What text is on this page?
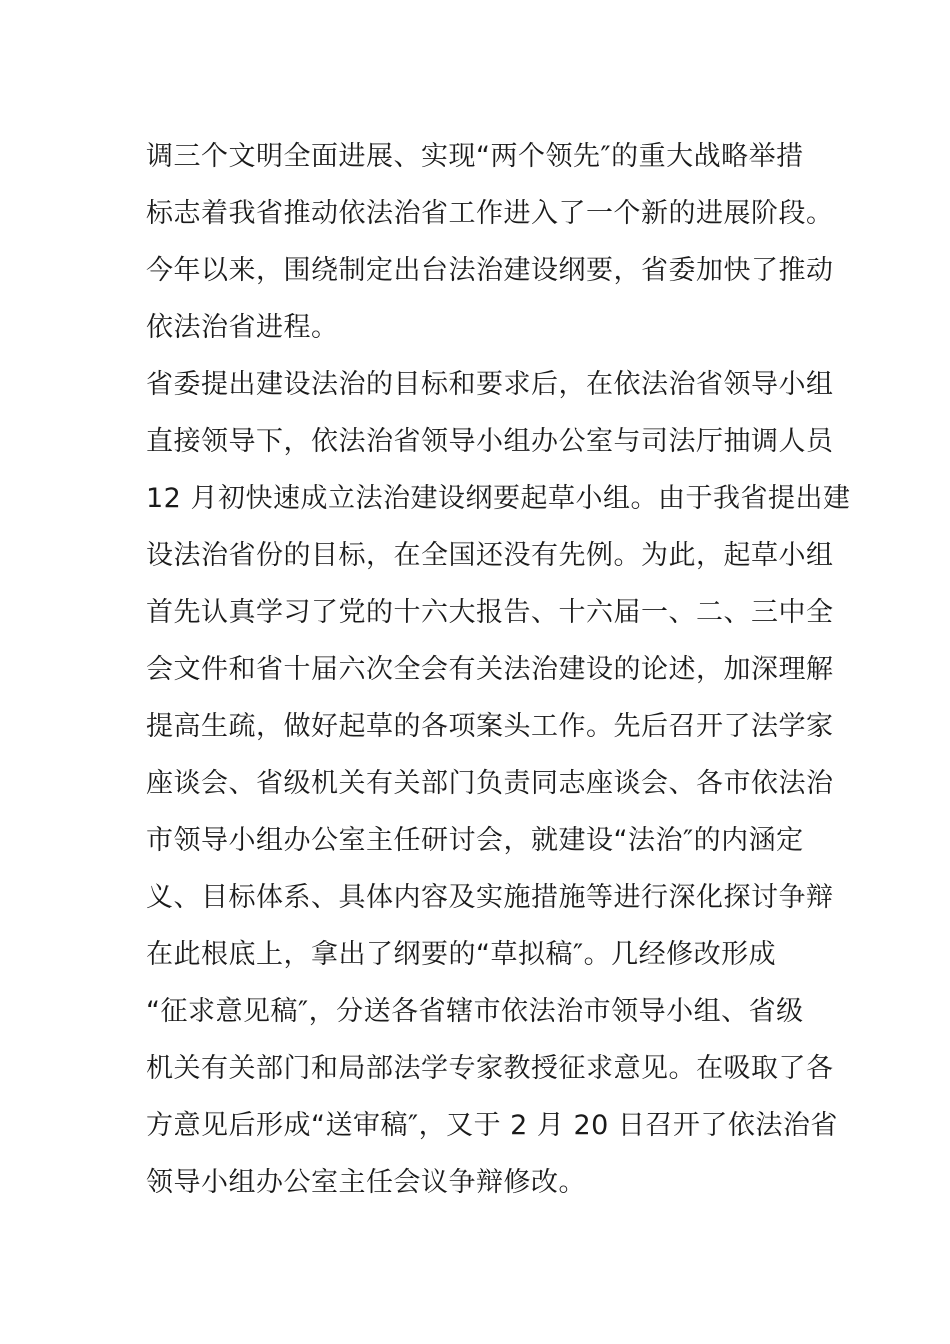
调三个文明全面进展、实现“两个领先″的重大战略举措
标志着我省推动依法治省工作进入了一个新的进展阶段。
今年以来，围绕制定出台法治建设纲要，省委加快了推动
依法治省进程。
省委提出建设法治的目标和要求后，在依法治省领导小组
直接领导下，依法治省领导小组办公室与司法厅抽调人员
12 月初快速成立法治建设纲要起草小组。由于我省提出建
设法治省份的目标，在全国还没有先例。为此，起草小组
首先认真学习了党的十六大报告、十六届一、二、三中全
会文件和省十届六次全会有关法治建设的论述，加深理解
提高生疏，做好起草的各项案头工作。先后召开了法学家
座谈会、省级机关有关部门负责同志座谈会、各市依法治
市领导小组办公室主任研讨会，就建设“法治″的内涵定
义、目标体系、具体内容及实施措施等进行深化探讨争辩
在此根底上，拿出了纲要的“草拟稿″。几经修改形成
“征求意见稿″，分送各省辖市依法治市领导小组、省级
机关有关部门和局部法学专家教授征求意见。在吸取了各
方意见后形成“送审稿″，又于 2 月 20 日召开了依法治省
领导小组办公室主任会议争辩修改。
